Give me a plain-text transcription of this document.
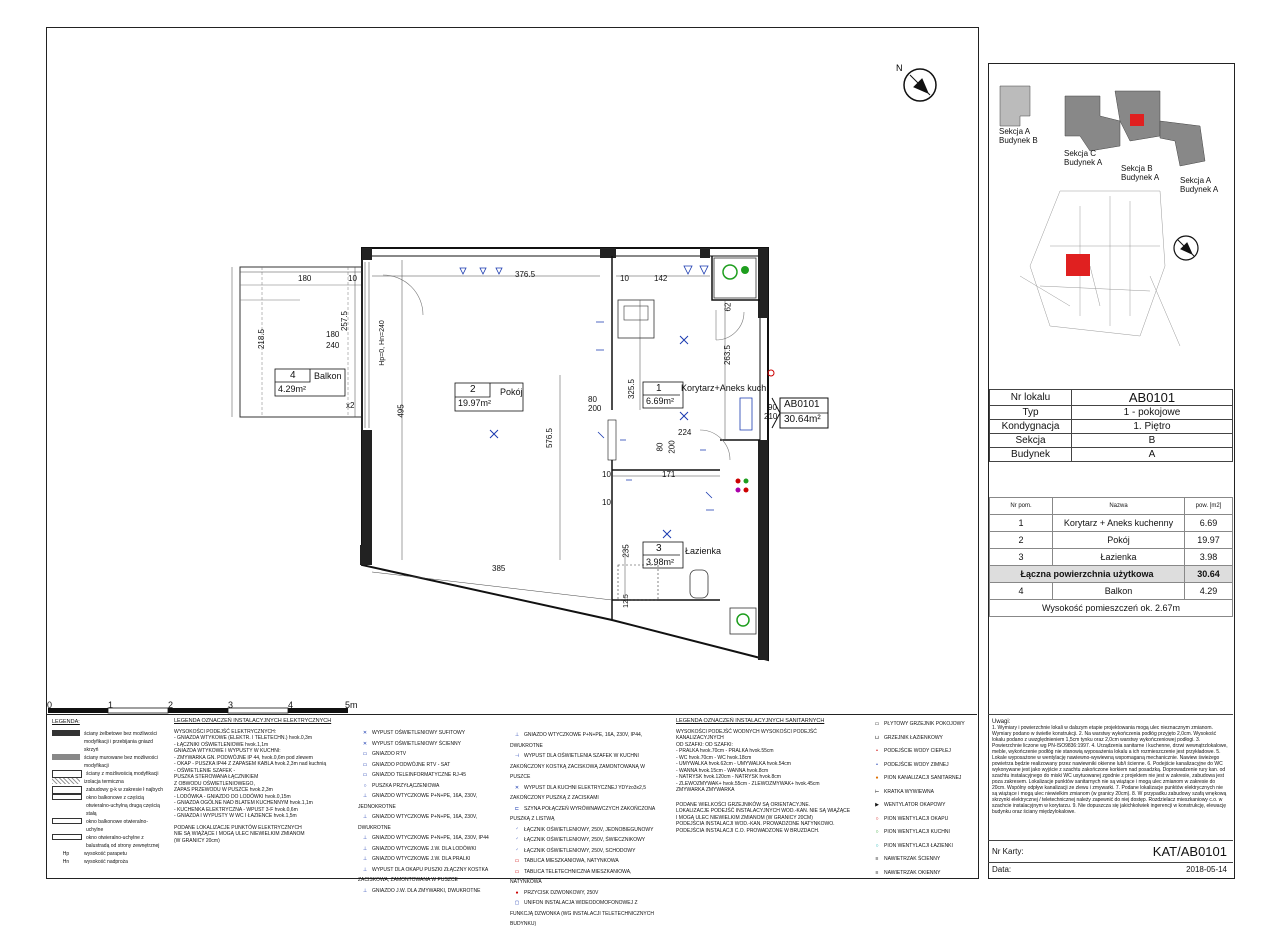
N
180	10	376.5	10	142
257.5
218.5	180
240	Hp=0, Hn=240
495
325.5
576.5
80
200
224
62
263.5
90
210
80 200
10	171
235
12.5
385
10
x2
4 Balkon
4.29m²	2	Pokój
19.97m²
1 Korytarz+Aneks kuch.
6.69m²
3	Łazienka
3.98m²
AB0101
30.64m²
0	1	2	3	4	5m
Sekcja A
Budynek B
Sekcja C
Budynek A
Sekcja B
Budynek A	Sekcja A
Budynek A
Nr lokalu	AB0101
Typ	1 - pokojowe
Kondygnacja	1. Piętro
Sekcja	B
Budynek	A
Nr pom.	Nazwa	pow. [m2]
1	Korytarz + Aneks kuchenny	6.69
2	Pokój	19.97
3	Łazienka	3.98
Łączna powierzchnia użytkowa		30.64
4	Balkon	4.29
Wysokość pomieszczeń ok. 2.67m		
LEGENDA:
ściany żelbetowe bez możliwości modyfikacji i przebijania gniazd skrzyń
ściany murowane bez możliwości modyfikacji
ściany z możliwością modyfikacji
izolacja termiczna
zabudowy g-k w zakresie ł najbych
okno balkonowe z częścią otwieralno-uchylną drugą częścią stałą
okno balkonowe otwieralno-uchylne
okno otwieralno-uchylne z balustradą od strony zewnętrznej
Hp	wysokość parapetu
Hn	wysokość nadproża
LEGENDA OZNACZEŃ INSTALACYJNYCH ELEKTRYCZNYCH
WYSOKOŚCI PODEJŚĆ ELEKTRYCZNYCH:
- GNIAZDA WTYKOWE (ELEKTR. I TELETECHN.) hvok.0,3m
- ŁĄCZNIKI OŚWIETLENIOWE hvok.1,1m
GNIAZDA WTYKOWE I WYPUSTY W KUCHNI:
- ZMYWARKA GN. PODWÓJNE IP 44, hvok.0,6m pod zlewem
- OKAP - PUSZKA IP44 Z ZAPASEM KABLA hvok.2,3m nad kuchnią
- OŚWIETLENIE SZAFEK -
PUSZKA STEROWANA ŁĄCZNIKIEM
Z OBWODU OŚWIETLENIOWEGO,
ZAPAS PRZEWODU W PUSZCE hvok.2,3m
- LODÓWKA - GNIAZDO DO LODÓWKI hvok.0,15m
- GNIAZDA OGÓLNE NAD BLATEM KUCHENNYM hvok.1,1m
- KUCHENKA ELEKTRYCZNA - WPUST 3-F hvok.0,6m
- GNIAZDA I WYPUSTY W WC I ŁAZIENCE hvok.1,5m
PODANE LOKALIZACJE PUNKTÓW ELEKTRYCZNYCH
NIE SĄ WIĄŻĄCE I MOGĄ ULEC NIEWIELKIM ZMIANOM
(W GRANICY 20cm)
✕ WYPUST OŚWIETLENIOWY SUFITOWY
✕ WYPUST OŚWIETLENIOWY ŚCIENNY
▭ GNIAZDO RTV
▭ GNIAZDO PODWÓJNE RTV - SAT
▭ GNIAZDO TELEINFORMATYCZNE RJ-45
○ PUSZKA PRZYŁĄCZENIOWA
⊥ GNIAZDO WTYCZKOWE P+N+PE, 16A, 230V, JEDNOKROTNE
⊥ GNIAZDO WTYCZKOWE P+N+PE, 16A, 230V, DWUKROTNE
⊥ GNIAZDO WTYCZKOWE P+N+PE, 16A, 230V, IP44
⊥ GNIAZDO WTYCZKOWE J.W. DLA LODÓWKI
⊥ GNIAZDO WTYCZKOWE J.W. DLA PRALKI
⊥ WYPUST DLA OKAPU PUSZKI ZŁĄCZNY KOSTKA ZACISKOWA, ZAMONTOWANA W PUSZCE
⊥ GNIAZDO J.W. DLA ZMYWARKI, DWUKROTNE
⊥ GNIAZDO WTYCZKOWE P+N+PE, 16A, 230V, IP44, DWUKROTNE
⊣ WYPUST DLA OŚWIETLENIA SZAFEK W KUCHNI ZAKOŃCZONY KOSTKĄ ZACISKOWĄ ZAMONTOWANĄ W PUSZCE
✕ WYPUST DLA KUCHNI ELEKTRYCZNEJ YDYżo3x2,5 ZAKOŃCZONY PUSZKĄ Z ZACISKAMI
⊏ SZYNA POŁĄCZEŃ WYRÓWNAWCZYCH ZAKOŃCZONA PUSZKĄ Z LISTWĄ
ᐟ ŁĄCZNIK OŚWIETLENIOWY, 250V, JEDNOBIEGUNOWY
ᐟ ŁĄCZNIK OŚWIETLENIOWY, 250V, ŚWIECZNIKOWY
ᐟ ŁĄCZNIK OŚWIETLENIOWY, 250V, SCHODOWY
▭ TABLICA MIESZKANIOWA, NATYNKOWA
▭ TABLICA TELETECHNICZNA MIESZKANIOWA, NATYNKOWA
● PRZYCISK DZWONKOWY, 250V
▢ UNIFON INSTALACJA WIDEODOMOFONOWEJ Z FUNKCJĄ DZWONKA (WG INSTALACJI TELETECHNICZNYCH BUDYNKU)
LEGENDA OZNACZEŃ INSTALACYJNYCH SANITARNYCH
WYSOKOŚCI PODEJŚĆ WODNYCH WYSOKOŚCI PODEJŚĆ KANALIZACYJNYCH
OD SZAFKI: OD SZAFKI:
- PRALKA hvok.70cm - PRALKA hvok.55cm
- WC hvok.70cm - WC hvok.18cm
- UMYWALKA hvok.62cm - UMYWALKA hvok.54cm
- WANNA hvok.15cm - WANNA hvok.8cm
- NATRYSK hvok.120cm - NATRYSK hvok.8cm
- ZLEWOZMYWAK+ hvok.55cm - ZLEWOZMYWAK+ hvok.45cm
ZMYWARKA ZMYWARKA
PODANE WIELKOŚCI GRZEJNIKÓW SĄ ORIENTACYJNE.
LOKALIZACJE PODEJŚĆ INSTALACYJNYCH WOD.-KAN. NIE SĄ WIĄŻĄCE
I MOGĄ ULEC NIEWIELKIM ZMIANOM (W GRANICY 20CM)
PODEJŚCIA INSTALACJI WOD.-KAN. PROWADZONE NATYNKOWO.
PODEJŚCIA INSTALACJI C.O. PROWADZONE W BRUZDACH.
▭ PŁYTOWY GRZEJNIK POKOJOWY
⊔ GRZEJNIK ŁAZIENKOWY
• PODEJŚCIE WODY CIEPŁEJ
• PODEJŚCIE WODY ZIMNEJ
● PION KANALIZACJI SANITARNEJ
⊢ KRATKA WYWIEWNA
▶ WENTYLATOR OKAPOWY
○ PION WENTYLACJI OKAPU
○ PION WENTYLACJI KUCHNI
○ PION WENTYLACJI ŁAZIENKI
≡ NAWIETRZAK ŚCIENNY
≡ NAWIETRZAK OKIENNY
Uwagi:
1. Wymiary i powierzchnie lokali w dalszym etapie projektowania mogą ulec nieznacznym zmianom. Wymiary podano w świetle konstrukcji. 2. Na warstwy wykończenia podłóg przyjęto 2,0cm. Wysokość lokalu podano z uwzględnieniem 1,5cm tynku oraz 2,0cm warstwy wykończeniowej podłogi. 3. Powierzchnie liczone wg PN-ISO9836:1997. 4. Urządzenia sanitarne i kuchenne, drzwi wewnątrzlokalowe, meble, wykończenie podłóg nie stanowią wyposażenia lokalu a ich rozmieszczenie jest przykładowe. 5. Lokale wyposażone w wentylację nawiewno-wywiewną wspomaganą mechanicznie. Nawiew świeżego powietrza będzie realizowany przez nawiewniki okienne lub/i ścienne. 6. Podejście kanalizacyjne do WC wykonywane jest jako wyjście z szachtu zakończone korkiem nad posadzką. Doprowadzenie rury kan. od szachtu instalacyjnego do miski WC usytuowanej zgodnie z projektem nie jest w zakresie, zabudowa jest poza zakresem. Lokalizacje punktów sanitarnych nie są wiążące i mogą ulec zmianom w zakresie do 20cm. Wspólny odpływ kanalizacji ze zlewu i zmywarki. 7. Podane lokalizacje punktów elektrycznych nie są wiążące i mogą ulec niewielkim zmianom (w granicy 20cm). 8. W przypadku zabudowy szafą wnękową skrzynki elektrycznej / teletechnicznej należy zapewnić do niej dostęp. Rozdzielacz mieszkaniowy c.o. w szachcie instalacyjnym w korytarzu. 9. Nie dopuszcza się jakichkolwiek ingerencji w konstrukcję, elewację budynku oraz ściany międzylokalowe.
Nr Karty:	KAT/AB0101
Data:	2018-05-14
